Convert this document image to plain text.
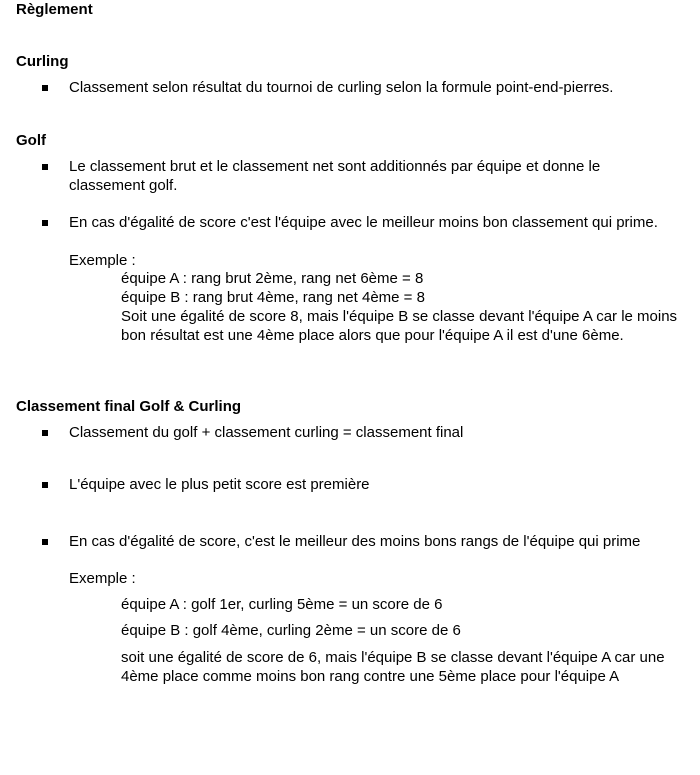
Règlement
Curling
Classement selon résultat du tournoi de curling selon la formule point-end-pierres.
Golf
Le classement brut et le classement net sont additionnés par équipe et donne le classement golf.
En cas d'égalité de score c'est l'équipe avec le meilleur moins bon classement qui prime.
Exemple :
équipe A : rang brut 2ème, rang net 6ème = 8
équipe B : rang brut 4ème, rang net 4ème = 8
Soit une égalité de score 8, mais l'équipe B se classe devant l'équipe A car le moins bon résultat est une 4ème place alors que pour l'équipe A il est d'une 6ème.
Classement final Golf & Curling
Classement du golf + classement curling = classement final
L'équipe avec le plus petit score est première
En cas d'égalité de score, c'est le meilleur des moins bons rangs de l'équipe qui prime
Exemple :
équipe A : golf 1er, curling 5ème = un score de 6
équipe B : golf 4ème, curling 2ème = un score de 6
soit une égalité de score de 6, mais l'équipe B se classe devant l'équipe A car une 4ème place comme moins bon rang contre une 5ème place pour l'équipe A
